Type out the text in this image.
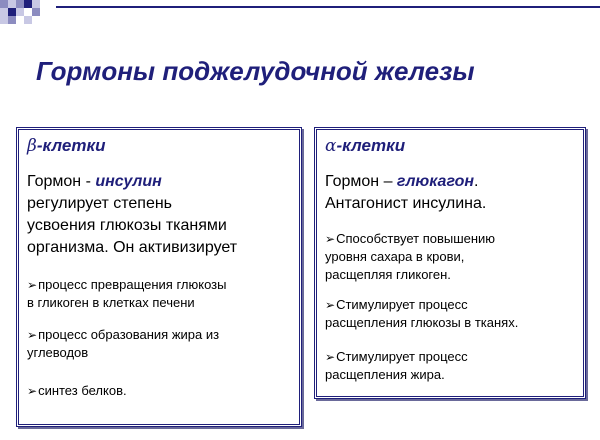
Гормоны поджелудочной железы
β-клетки
Гормон - инсулин
регулирует степень
усвоения глюкозы тканями
организма. Он активизирует
➢процесс превращения глюкозы
в гликоген в клетках печени
➢процесс образования жира из
углеводов
➢синтез белков.
α-клетки
Гормон – глюкагон.
Антагонист инсулина.
➢Способствует повышению
уровня сахара в крови,
расщепляя гликоген.
➢Стимулирует процесс
расщепления глюкозы в тканях.
➢Стимулирует процесс
расщепления жира.
